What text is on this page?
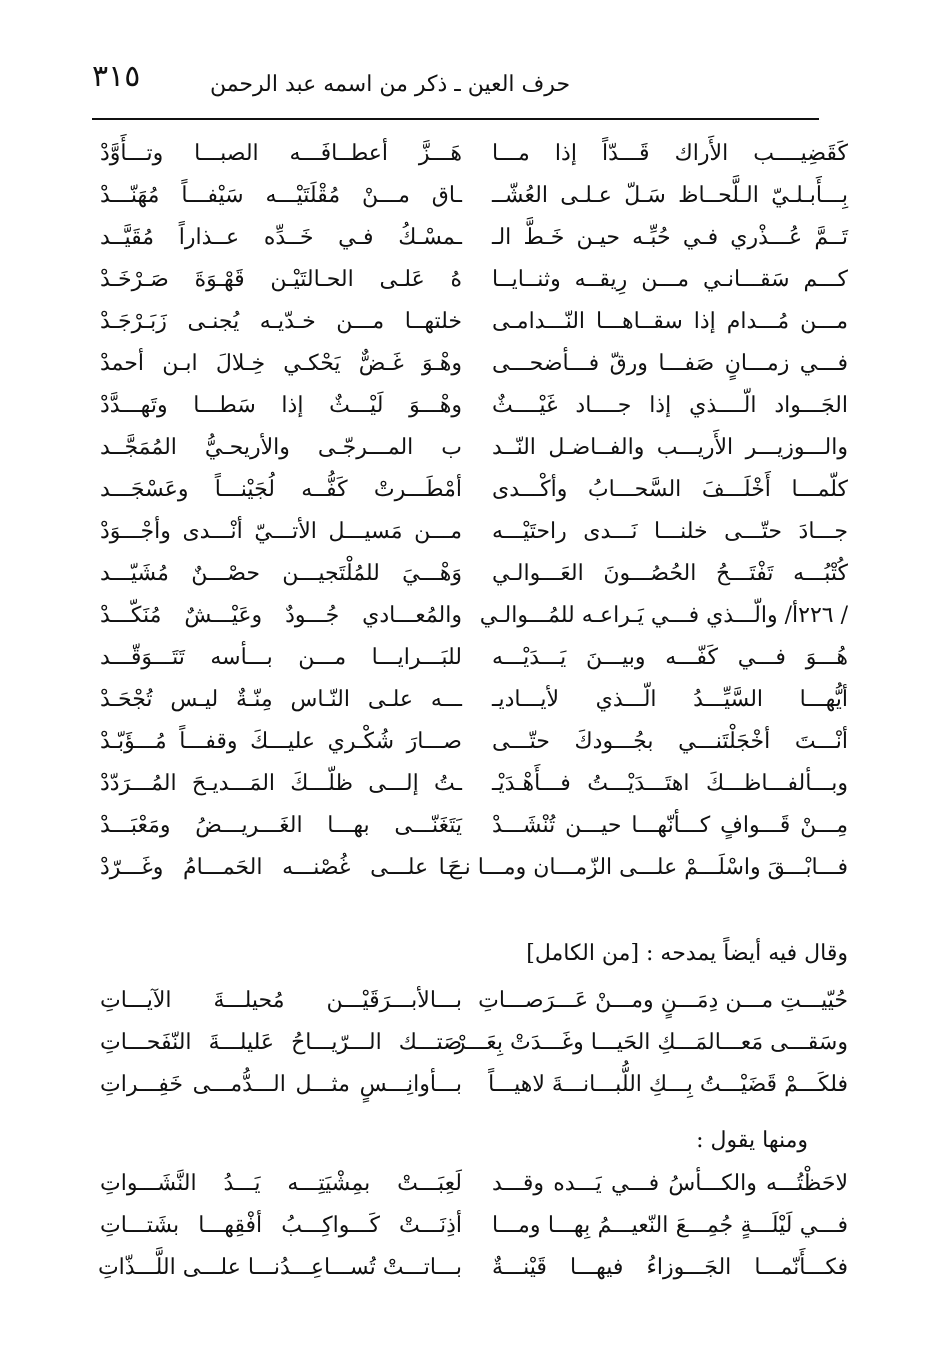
٣١٥	حرف العين ـ ذكر من اسمه عبد الرحمن
كَقَضِيــــب الأَراك قَـــدّاً إذا مـــا
هَـــزَّ أعطــافَـــه الصبـــا وتـــأَوَّدْ
بِـــأَبـلـيّ الـلَّحــاظ سَـلّ عـلـى العُشّــ
ـاق مـــنْ مُقْلَتَيْـــه سَيْفـــاً مُهَنّـــدْ
تَــمَّ عُـــذْري فـي حُبِّـه حيـن خَـطَّ الـ
ـمسْـكُ فـي خَــدِّه عــذاراً مُقَيَّــد
كـــم سَقـــانـي مـــن رِيقــه وثنــايــا
هُ عَلـى الحـالتَيْـن قَهْـوَةَ صَـرْخَـدْ
مـــن مُـــدام إذا سقــاهـــا النّـــدامـى
خلتهــا مـــن خـدّيـه يُجنـى زَبَـرْجَـدْ
فـــي زمـــانٍ صَفـــا ورقّ فـــأضحـــى
وهْـوَ غَـضٌّ يَحْكـي خِـلالَ ابـن أحمدْ
الجَـــواد الّــــذي إذا جــــاد غَيْــــثٌ
وهْـــوَ لَيْـــثٌ إذا سَطـــا وتَهـــدَّدْ
والـــوزيـــر الأَريـــب والفــاضـل النّــد
ب المـــرجّـى والأريحـيُّ المُمَجَّــد
كلّمـــا أَخْلَـــفَ السَّحـــابُ وأكْـــدى
أمْطَـــرتْ كَفُّــه لُجَيْنـــاً وعَسْجَـــد
جـــادَ حتّـــى خلنـــا نَـــدى راحتَيْـــه
مـــن مَسيـــل الأتـــيّ أنْـــدى وأجْـــوَدْ
كُتْبُـــه تَفْتَـــحُ الحُصُـــونَ العَـــوالـي
وَهْـــيَ للمُلْتَجيـــن حصْـــنٌ مُشَيّـــد
/ ٢٢٦أ/ والّـــذي فـــي يَـراعـه للمُـــوالـي
والمُعـــادي جُـــودٌ وعَيْـــشٌ مُنَكّـــدْ
هُـــوَ فـــي كَفّـــه وبيـــنَ يَـــدَيْـــه
للبَـــرايـــا مـــن بـــأسه تَتَـــوَقّـــد
أيُّهـــا السَّيِّـــدُ الّـــذي لأيـــاديـ
ـــه علـى النّـاس مِنّـةٌ ليـس تُجْحَـدْ
أنْـــتَ أخْجَلْتَنـــي بجُـــودكَ حتّـــى
صـــارَ شُكْـري عليـــكَ وقفـــاً مُـــؤَبّـدْ
وبـــألفـــاظـــكَ اهتَـــدَيْـــتُ فـــأَهْـدَيْـ
ـتُ إلـــى ظلّـــكَ المَـــديـحَ المُـــرَدّدْ
مِـــنْ قَـــوافٍ كـــأنّهـــا حيـــن تُنْشَـــدْ
يَتَغَنّـــى بهـــا الغَـــريـــضُ ومَعْبَـــدْ
فـــابْـــقَ واسْلَـــمْ علـــى الزّمـــان ومـــا نـــا
حَ علـــى غُصْنـــه الحَمـــامُ وغَـــرّدْ
وقال فيه أيضاً يمدحه : [من الكامل]
حُيّيـــتِ مـــن دِمَـــنٍ ومـــنْ عَـــرَصـــاتِ
بـــالأبـــرَقَيْـــن مُحيلـــةَ الآيـــاتِ
وسَقـــى مَعـــالمَـــكِ الحَيـــا وغَـــدَتْ بِعَـــرْ
صَتـــك الـــرّيـــاحُ عَليلـــةَ النّفَحـــاتِ
فلكَـــمْ قَضَيْـــتُ بِـــكِ اللُّبـــانـــةَ لاهيـــاً
بـــأوانِـــسٍ مثـــل الـــدُّمـــى خَفِـــراتِ
ومنها يقول :
لاحَظْتُـــه والكـــأسُ فـــي يَـــده وقـــد
لَعِبَـــتْ بمِشْيَتِـــه يَـــدُ النَّشَـــواتِ
فـــي لَيْلَـــةٍ جُمِـــعَ النّعيـــمُ بِهـــا ومـــا
أذِنَـــتْ كَـــواكِـــبُ أفْقِهـــا بشَتـــاتِ
فكـــأَنّمـــا الجَـــوزاءُ فيهـــا قَيْنـــةٌ
بـــاتـــتْ تُســـاعِـــدُنـــا علـــى اللَّـــذّاتِ
